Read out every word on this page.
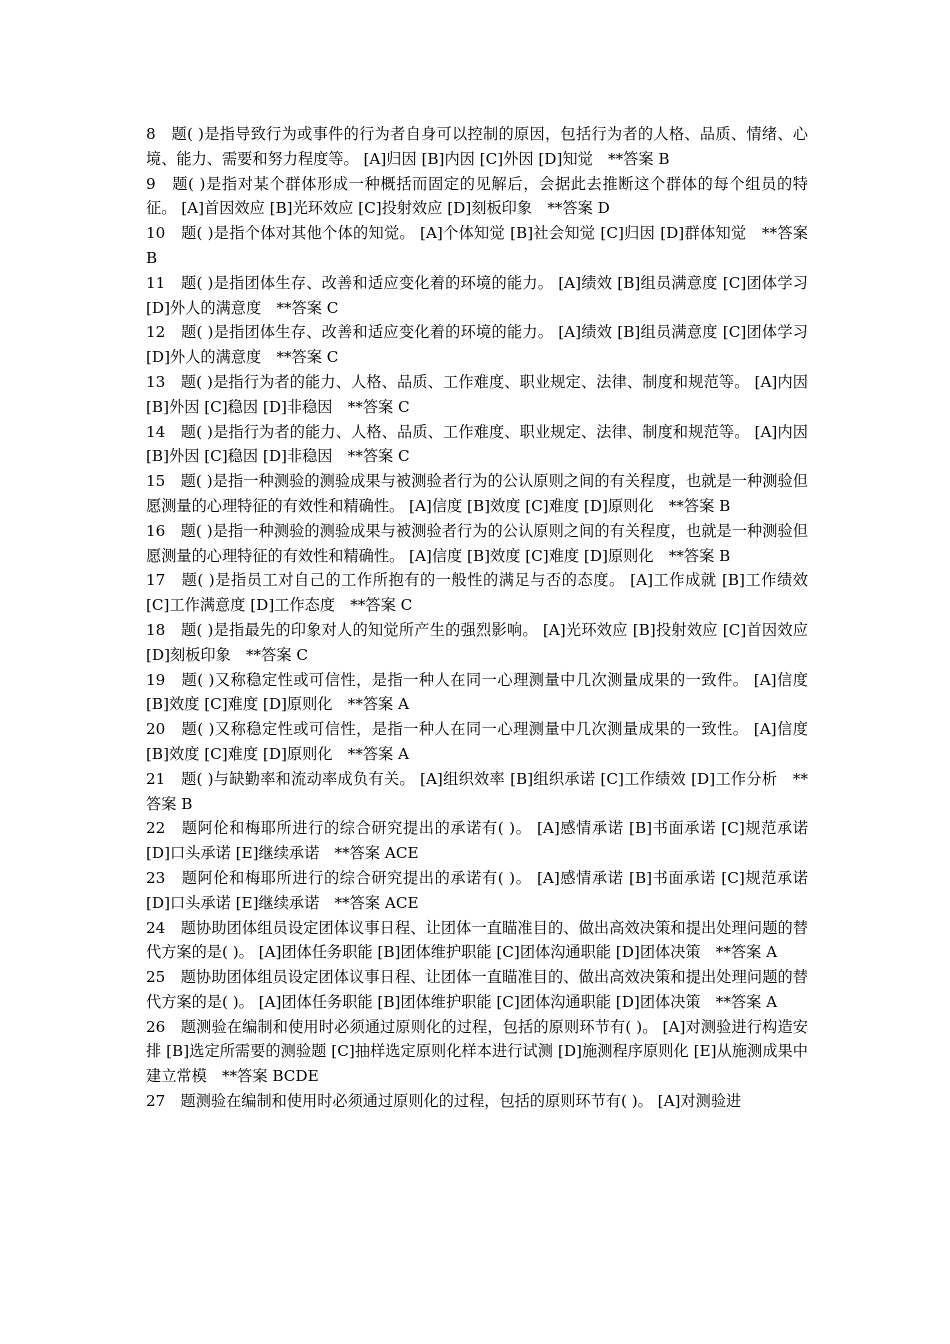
8　题( )是指导致行为或事件的行为者自身可以控制的原因，包括行为者的人格、品质、情绪、心境、能力、需要和努力程度等。 [A]归因 [B]内因 [C]外因 [D]知觉　**答案 B

9　题( )是指对某个群体形成一种概括而固定的见解后，会据此去推断这个群体的每个组员的特征。 [A]首因效应 [B]光环效应 [C]投射效应 [D]刻板印象　**答案 D

10　题( )是指个体对其他个体的知觉。 [A]个体知觉 [B]社会知觉 [C]归因 [D]群体知觉　**答案 B

11　题( )是指团体生存、改善和适应变化着的环境的能力。 [A]绩效 [B]组员满意度 [C]团体学习 [D]外人的满意度　**答案 C

12　题( )是指团体生存、改善和适应变化着的环境的能力。 [A]绩效 [B]组员满意度 [C]团体学习 [D]外人的满意度　**答案 C

13　题( )是指行为者的能力、人格、品质、工作难度、职业规定、法律、制度和规范等。 [A]内因 [B]外因 [C]稳因 [D]非稳因　**答案 C

14　题( )是指行为者的能力、人格、品质、工作难度、职业规定、法律、制度和规范等。 [A]内因 [B]外因 [C]稳因 [D]非稳因　**答案 C

15　题( )是指一种测验的测验成果与被测验者行为的公认原则之间的有关程度，也就是一种测验但愿测量的心理特征的有效性和精确性。 [A]信度 [B]效度 [C]难度 [D]原则化　**答案 B

16　题( )是指一种测验的测验成果与被测验者行为的公认原则之间的有关程度，也就是一种测验但愿测量的心理特征的有效性和精确性。 [A]信度 [B]效度 [C]难度 [D]原则化　**答案 B

17　题( )是指员工对自己的工作所抱有的一般性的满足与否的态度。 [A]工作成就 [B]工作绩效 [C]工作满意度 [D]工作态度　**答案 C

18　题( )是指最先的印象对人的知觉所产生的强烈影响。 [A]光环效应 [B]投射效应 [C]首因效应 [D]刻板印象　**答案 C

19　题( )又称稳定性或可信性，是指一种人在同一心理测量中几次测量成果的一致件。 [A]信度 [B]效度 [C]难度 [D]原则化　**答案 A

20　题( )又称稳定性或可信性，是指一种人在同一心理测量中几次测量成果的一致性。 [A]信度 [B]效度 [C]难度 [D]原则化　**答案 A

21　题( )与缺勤率和流动率成负有关。 [A]组织效率 [B]组织承诺 [C]工作绩效 [D]工作分析　**答案 B

22　题阿伦和梅耶所进行的综合研究提出的承诺有( )。 [A]感情承诺 [B]书面承诺 [C]规范承诺 [D]口头承诺 [E]继续承诺　**答案 ACE

23　题阿伦和梅耶所进行的综合研究提出的承诺有( )。 [A]感情承诺 [B]书面承诺 [C]规范承诺 [D]口头承诺 [E]继续承诺　**答案 ACE

24　题协助团体组员设定团体议事日程、让团体一直瞄准目的、做出高效决策和提出处理问题的替代方案的是( )。 [A]团体任务职能 [B]团体维护职能 [C]团体沟通职能 [D]团体决策　**答案 A

25　题协助团体组员设定团体议事日程、让团体一直瞄准目的、做出高效决策和提出处理问题的替代方案的是( )。 [A]团体任务职能 [B]团体维护职能 [C]团体沟通职能 [D]团体决策　**答案 A

26　题测验在编制和使用时必须通过原则化的过程，包括的原则环节有( )。 [A]对测验进行构造安排 [B]选定所需要的测验题 [C]抽样选定原则化样本进行试测 [D]施测程序原则化 [E]从施测成果中建立常模　**答案 BCDE

27　题测验在编制和使用时必须通过原则化的过程，包括的原则环节有( )。 [A]对测验进
